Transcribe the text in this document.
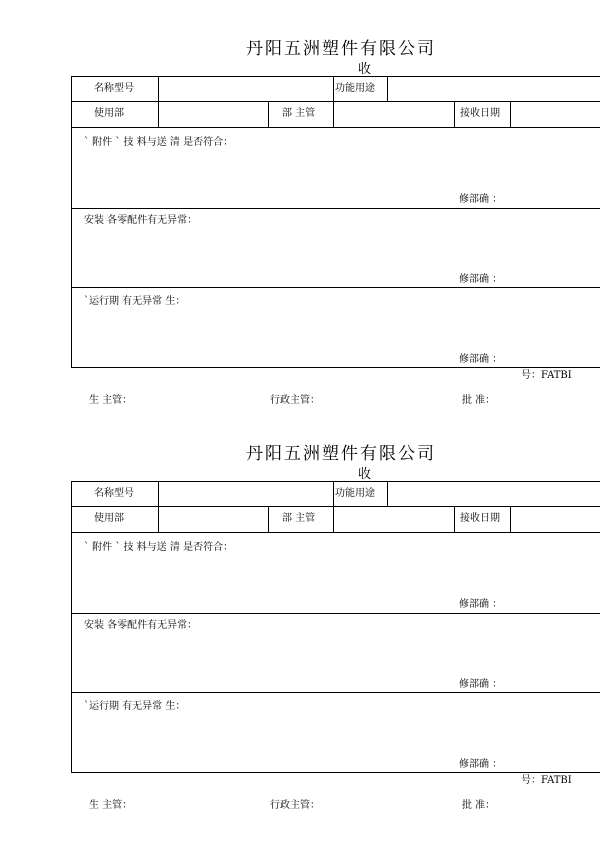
丹阳五洲塑件有限公司
收
名称型号	功能用途
使用部	部 主管	接收日期
` 附件 ` 技 料与送 清 是否符合：
修部确 ：
安装 各零配件有无异常：
修部确 ：
`运行期 有无异常 生：
修部确 ：
号：FATBI
生 主管：	行政主管：	批 准：
丹阳五洲塑件有限公司
收
名称型号	功能用途
使用部	部 主管	接收日期
` 附件 ` 技 料与送 清 是否符合：
修部确 ：
安装 各零配件有无异常：
修部确 ：
`运行期 有无异常 生：
修部确 ：
号：FATBI
生 主管：	行政主管：	批 准：
